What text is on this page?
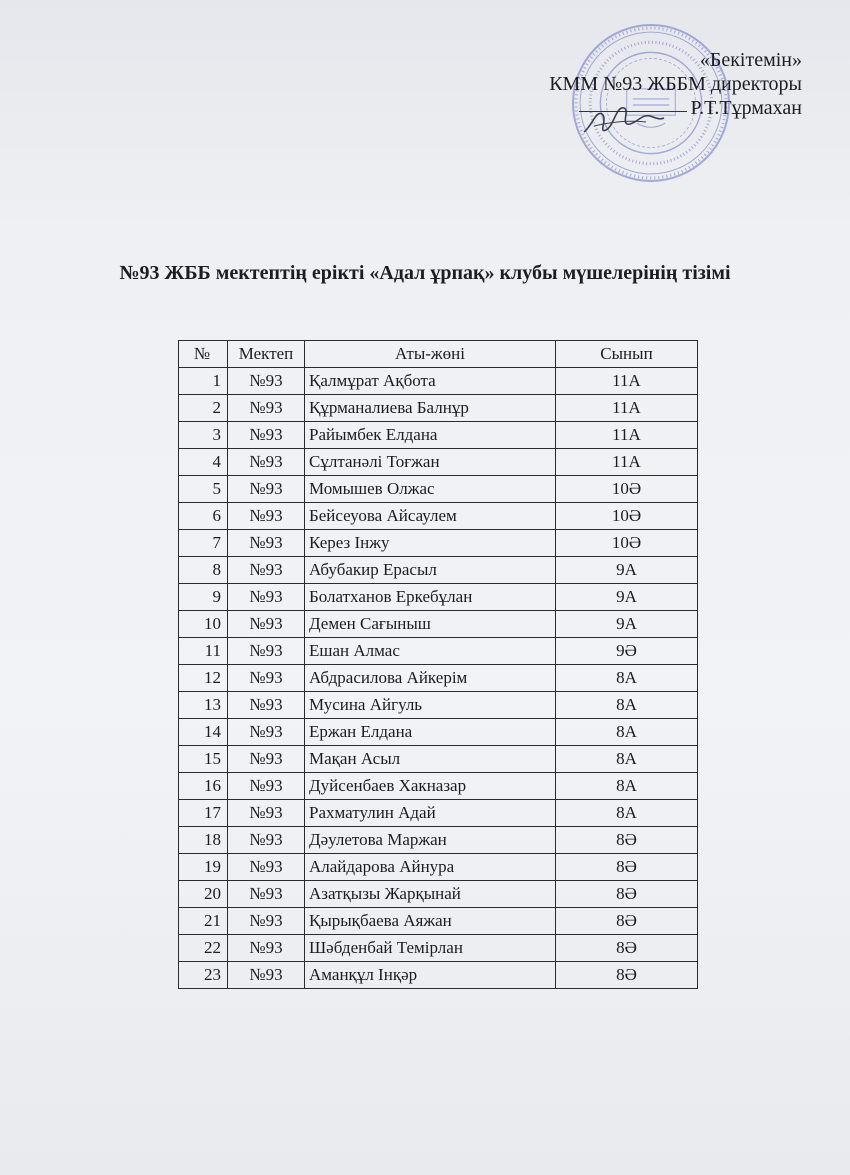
«Бекітемін»
КММ №93 ЖББМ директоры
Р.Т.Тұрмахан
№93 ЖББ мектептің ерікті «Адал ұрпақ» клубы мүшелерінің тізімі
№	Мектеп	Аты-жөні	Сынып
1	№93	Қалмұрат Ақбота	11А
2	№93	Құрманалиева Балнұр	11А
3	№93	Райымбек Елдана	11А
4	№93	Сұлтанәлі Тоғжан	11А
5	№93	Момышев Олжас	10Ә
6	№93	Бейсеуова Айсаулем	10Ә
7	№93	Керез Інжу	10Ә
8	№93	Абубакир Ерасыл	9А
9	№93	Болатханов Еркебұлан	9А
10	№93	Демен Сағыныш	9А
11	№93	Ешан Алмас	9Ә
12	№93	Абдрасилова Айкерім	8А
13	№93	Мусина Айгуль	8А
14	№93	Ержан Елдана	8А
15	№93	Мақан Асыл	8А
16	№93	Дуйсенбаев Хакназар	8А
17	№93	Рахматулин Адай	8А
18	№93	Дәулетова Маржан	8Ә
19	№93	Алайдарова Айнура	8Ә
20	№93	Азатқызы Жарқынай	8Ә
21	№93	Қырықбаева Аяжан	8Ә
22	№93	Шәбденбай Темірлан	8Ә
23	№93	Аманқұл Інқәр	8Ә
